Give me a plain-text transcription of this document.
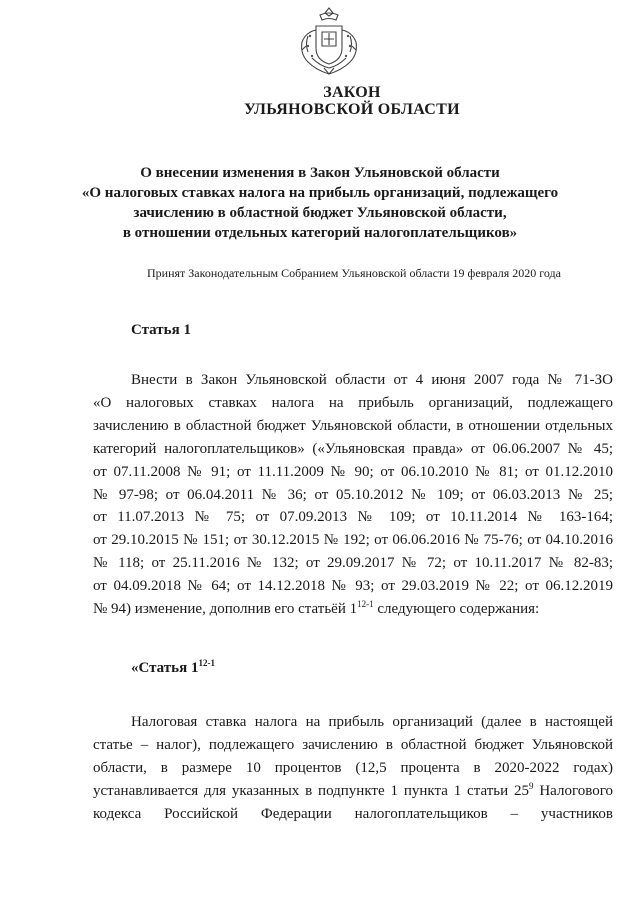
ЗАКОН
УЛЬЯНОВСКОЙ ОБЛАСТИ
О внесении изменения в Закон Ульяновской области
«О налоговых ставках налога на прибыль организаций, подлежащего
зачислению в областной бюджет Ульяновской области,
в отношении отдельных категорий налогоплательщиков»
Принят Законодательным Собранием Ульяновской области 19 февраля 2020 года
Статья 1
Внести в Закон Ульяновской области от 4 июня 2007 года № 71-ЗО
«О налоговых ставках налога на прибыль организаций, подлежащего
зачислению в областной бюджет Ульяновской области, в отношении отдельных
категорий налогоплательщиков» («Ульяновская правда» от 06.06.2007 № 45;
от 07.11.2008 № 91; от 11.11.2009 № 90; от 06.10.2010 № 81; от 01.12.2010
№ 97-98; от 06.04.2011 № 36; от 05.10.2012 № 109; от 06.03.2013 № 25;
от 11.07.2013 № 75; от 07.09.2013 № 109; от 10.11.2014 № 163-164;
от 29.10.2015 № 151; от 30.12.2015 № 192; от 06.06.2016 № 75-76; от 04.10.2016
№ 118; от 25.11.2016 № 132; от 29.09.2017 № 72; от 10.11.2017 № 82-83;
от 04.09.2018 № 64; от 14.12.2018 № 93; от 29.03.2019 № 22; от 06.12.2019
№ 94) изменение, дополнив его статьёй 1$^{12-1}$ следующего содержания:
«Статья 1$^{12-1}$
Налоговая ставка налога на прибыль организаций (далее в настоящей
статье – налог), подлежащего зачислению в областной бюджет Ульяновской
области, в размере 10 процентов (12,5 процента в 2020-2022 годах)
устанавливается для указанных в подпункте 1 пункта 1 статьи $25^9$ Налогового
кодекса Российской Федерации налогоплательщиков – участников
